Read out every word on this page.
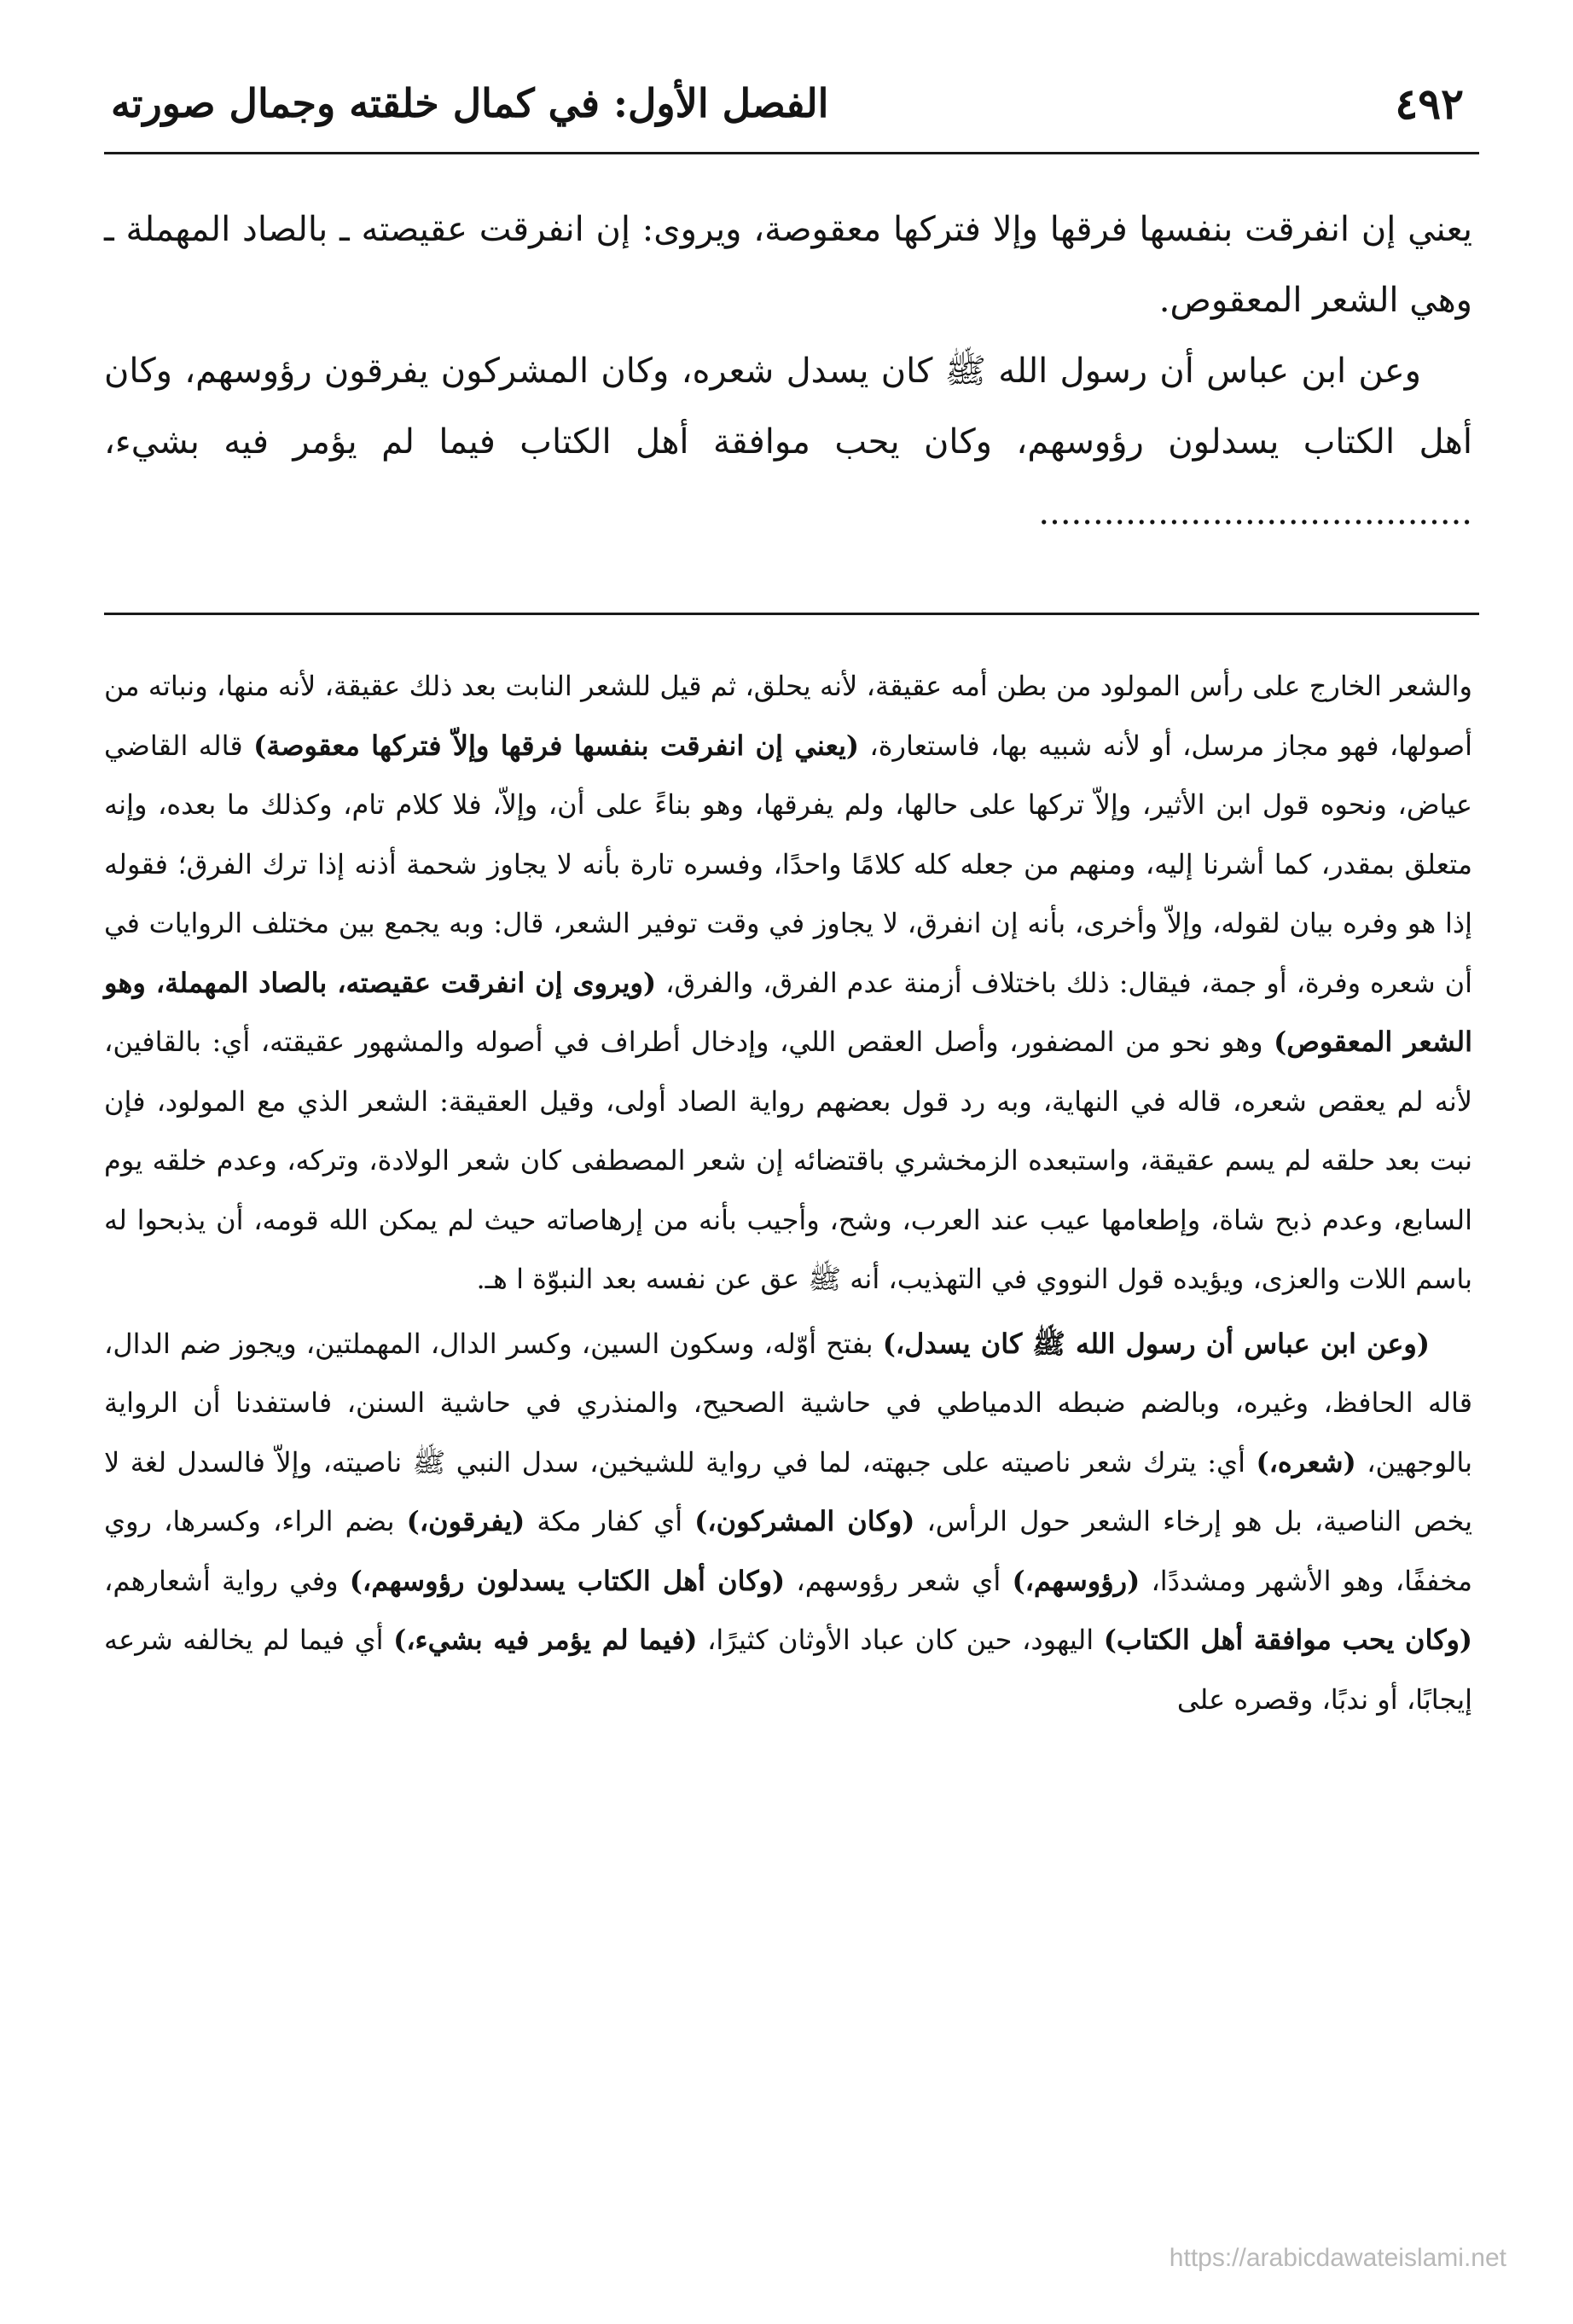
٤٩٢
الفصل الأول: في كمال خلقته وجمال صورته

يعني إن انفرقت بنفسها فرقها وإلا فتركها معقوصة، ويروى: إن انفرقت عقيصته ـ بالصاد المهملة ـ وهي الشعر المعقوص.

وعن ابن عباس أن رسول الله ﷺ كان يسدل شعره، وكان المشركون يفرقون رؤوسهم، وكان أهل الكتاب يسدلون رؤوسهم، وكان يحب موافقة أهل الكتاب فيما لم يؤمر فيه بشيء، ........................................

والشعر الخارج على رأس المولود من بطن أمه عقيقة، لأنه يحلق، ثم قيل للشعر النابت بعد ذلك عقيقة، لأنه منها، ونباته من أصولها، فهو مجاز مرسل، أو لأنه شبيه بها، فاستعارة، (يعني إن انفرقت بنفسها فرقها وإلاّ فتركها معقوصة) قاله القاضي عياض، ونحوه قول ابن الأثير، وإلاّ تركها على حالها، ولم يفرقها، وهو بناءً على أن، وإلاّ، فلا كلام تام، وكذلك ما بعده، وإنه متعلق بمقدر، كما أشرنا إليه، ومنهم من جعله كله كلامًا واحدًا، وفسره تارة بأنه لا يجاوز شحمة أذنه إذا ترك الفرق؛ فقوله إذا هو وفره بيان لقوله، وإلاّ وأخرى، بأنه إن انفرق، لا يجاوز في وقت توفير الشعر، قال: وبه يجمع بين مختلف الروايات في أن شعره وفرة، أو جمة، فيقال: ذلك باختلاف أزمنة عدم الفرق، والفرق، (ويروى إن انفرقت عقيصته، بالصاد المهملة، وهو الشعر المعقوص) وهو نحو من المضفور، وأصل العقص اللي، وإدخال أطراف في أصوله والمشهور عقيقته، أي: بالقافين، لأنه لم يعقص شعره، قاله في النهاية، وبه رد قول بعضهم رواية الصاد أولى، وقيل العقيقة: الشعر الذي مع المولود، فإن نبت بعد حلقه لم يسم عقيقة، واستبعده الزمخشري باقتضائه إن شعر المصطفى كان شعر الولادة، وتركه، وعدم خلقه يوم السابع، وعدم ذبح شاة، وإطعامها عيب عند العرب، وشح، وأجيب بأنه من إرهاصاته حيث لم يمكن الله قومه، أن يذبحوا له باسم اللات والعزى، ويؤيده قول النووي في التهذيب، أنه ﷺ عق عن نفسه بعد النبوّة ا هـ.

(وعن ابن عباس أن رسول الله ﷺ كان يسدل،) بفتح أوّله، وسكون السين، وكسر الدال، المهملتين، ويجوز ضم الدال، قاله الحافظ، وغيره، وبالضم ضبطه الدمياطي في حاشية الصحيح، والمنذري في حاشية السنن، فاستفدنا أن الرواية بالوجهين، (شعره،) أي: يترك شعر ناصيته على جبهته، لما في رواية للشيخين، سدل النبي ﷺ ناصيته، وإلاّ فالسدل لغة لا يخص الناصية، بل هو إرخاء الشعر حول الرأس، (وكان المشركون،) أي كفار مكة (يفرقون،) بضم الراء، وكسرها، روي مخففًا، وهو الأشهر ومشددًا، (رؤوسهم،) أي شعر رؤوسهم، (وكان أهل الكتاب يسدلون رؤوسهم،) وفي رواية أشعارهم، (وكان يحب موافقة أهل الكتاب) اليهود، حين كان عباد الأوثان كثيرًا، (فيما لم يؤمر فيه بشيء،) أي فيما لم يخالفه شرعه إيجابًا، أو ندبًا، وقصره على

https://arabicdawateislami.net
